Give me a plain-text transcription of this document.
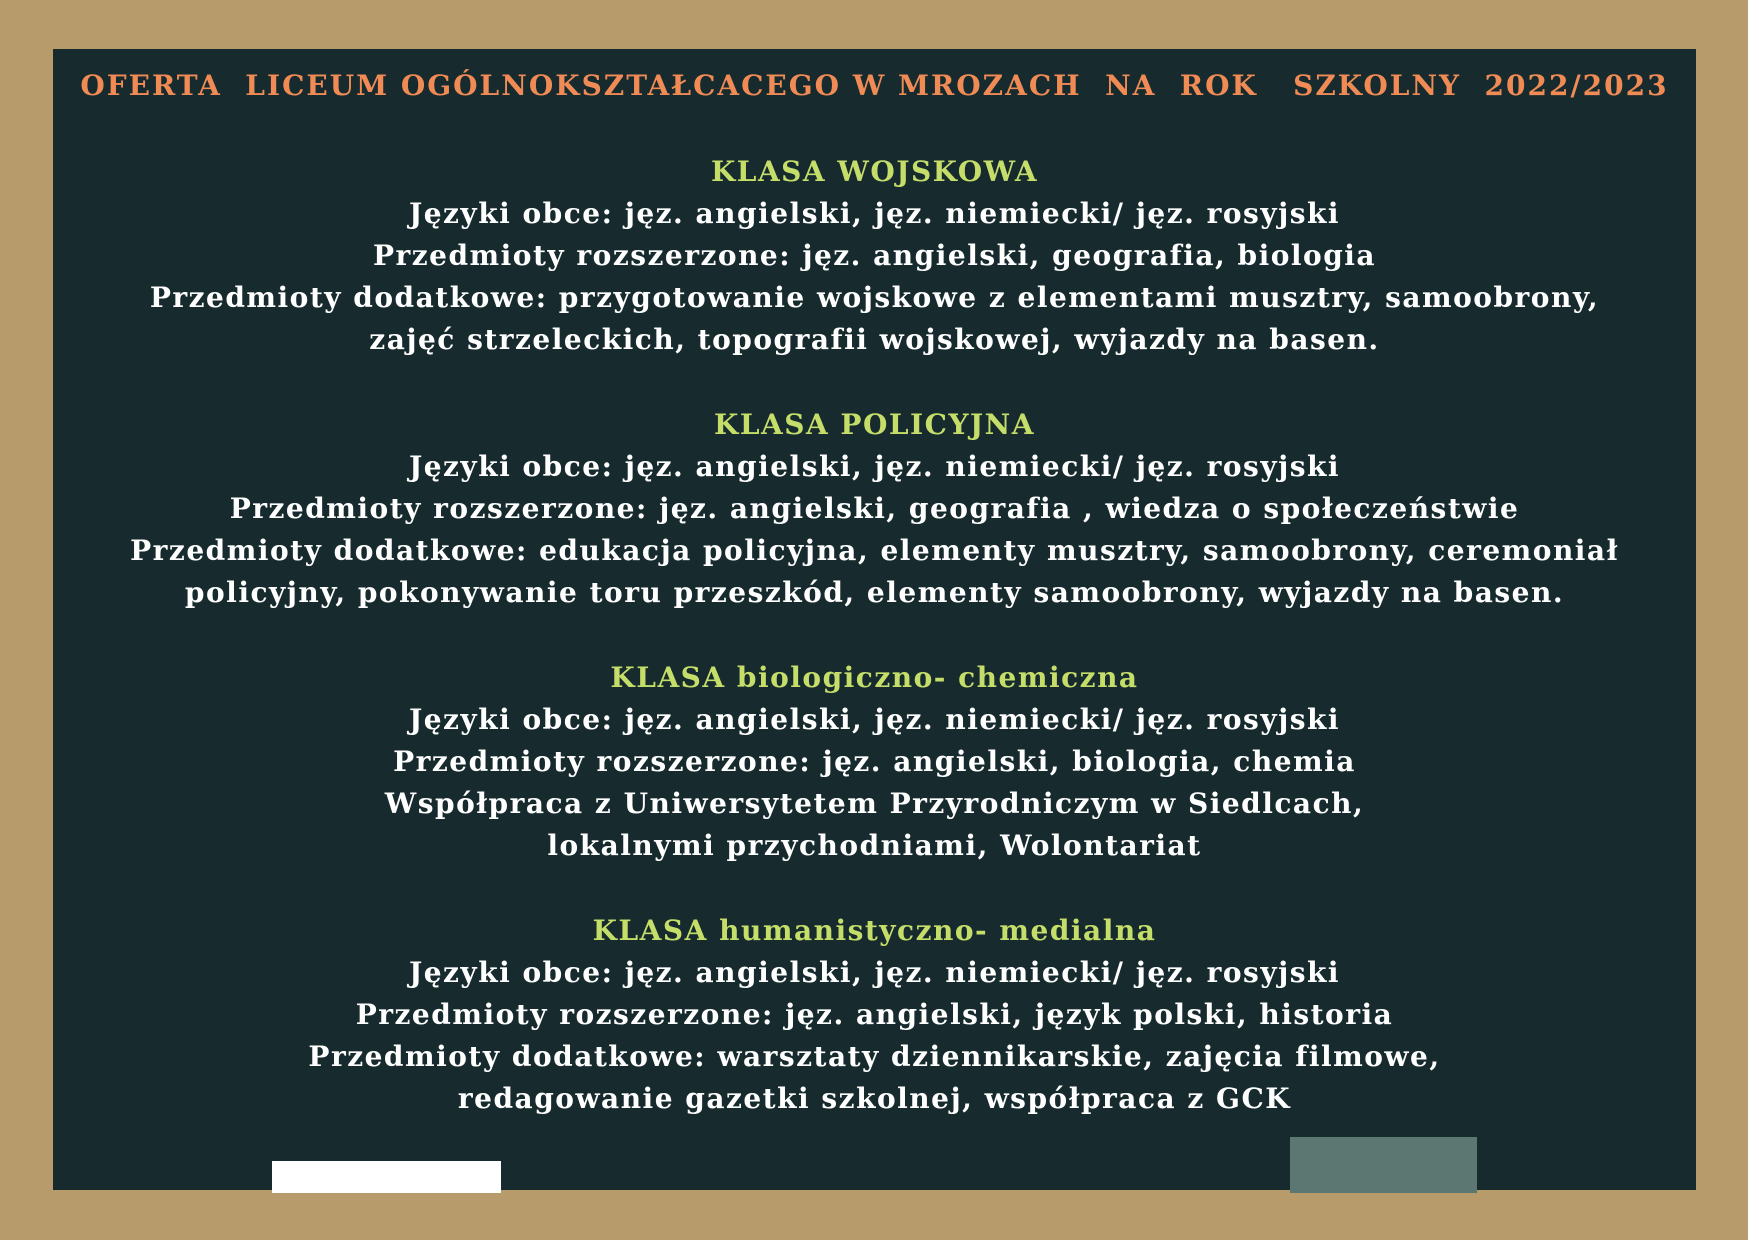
OFERTA  LICEUM OGÓLNOKSZTAŁCACEGO W MROZACH  NA  ROK   SZKOLNY  2022/2023
KLASA WOJSKOWA
Języki obce: jęz. angielski, jęz. niemiecki/ jęz. rosyjski
Przedmioty rozszerzone: jęz. angielski, geografia, biologia
Przedmioty dodatkowe: przygotowanie wojskowe z elementami musztry, samoobrony,
zajęć strzeleckich, topografii wojskowej, wyjazdy na basen.
KLASA POLICYJNA
Języki obce: jęz. angielski, jęz. niemiecki/ jęz. rosyjski
Przedmioty rozszerzone: jęz. angielski, geografia , wiedza o społeczeństwie
Przedmioty dodatkowe: edukacja policyjna, elementy musztry, samoobrony, ceremoniał
policyjny, pokonywanie toru przeszkód, elementy samoobrony, wyjazdy na basen.
KLASA biologiczno- chemiczna
Języki obce: jęz. angielski, jęz. niemiecki/ jęz. rosyjski
Przedmioty rozszerzone: jęz. angielski, biologia, chemia
Współpraca z Uniwersytetem Przyrodniczym w Siedlcach,
lokalnymi przychodniami, Wolontariat
KLASA humanistyczno- medialna
Języki obce: jęz. angielski, jęz. niemiecki/ jęz. rosyjski
Przedmioty rozszerzone: jęz. angielski, język polski, historia
Przedmioty dodatkowe: warsztaty dziennikarskie, zajęcia filmowe,
redagowanie gazetki szkolnej, współpraca z GCK
